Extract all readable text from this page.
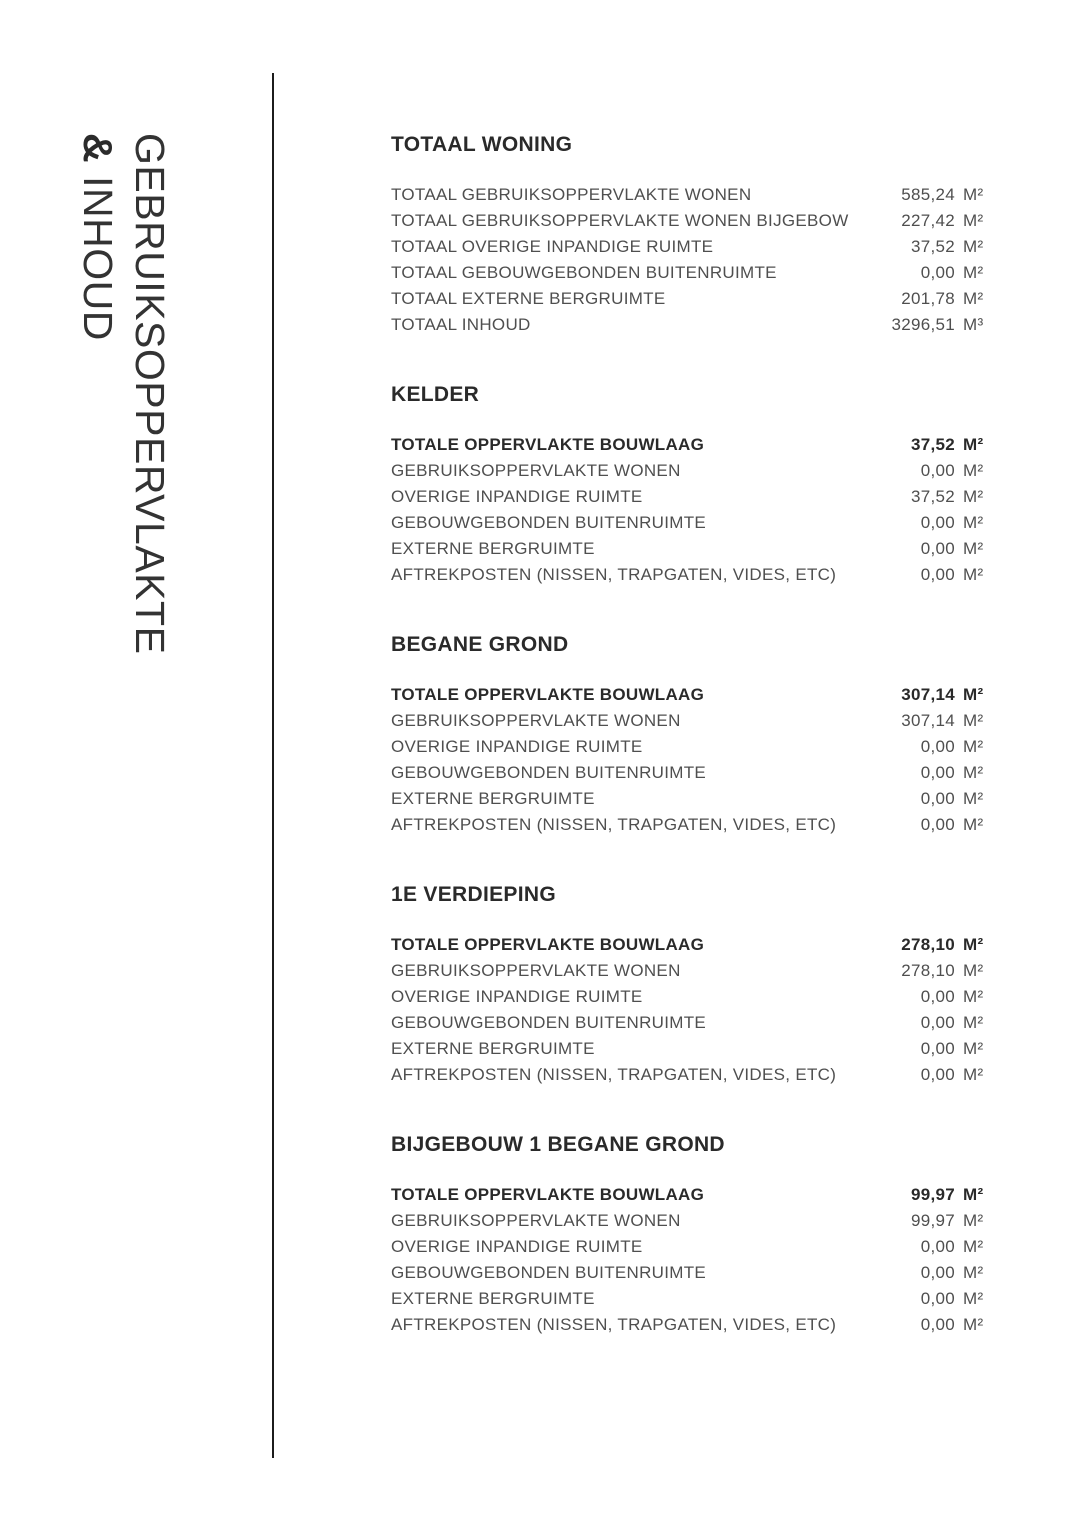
GEBRUIKSOPPERVLAKTE
&INHOUD
TOTAAL WONING
TOTAAL GEBRUIKSOPPERVLAKTE WONEN	585,24 M²
TOTAAL GEBRUIKSOPPERVLAKTE WONEN BIJGEBOW	227,42 M²
TOTAAL OVERIGE INPANDIGE RUIMTE	37,52 M²
TOTAAL GEBOUWGEBONDEN BUITENRUIMTE	0,00 M²
TOTAAL EXTERNE BERGRUIMTE	201,78 M²
TOTAAL INHOUD	3296,51 M³
KELDER
TOTALE OPPERVLAKTE BOUWLAAG	37,52 M²
GEBRUIKSOPPERVLAKTE WONEN	0,00 M²
OVERIGE INPANDIGE RUIMTE	37,52 M²
GEBOUWGEBONDEN BUITENRUIMTE	0,00 M²
EXTERNE BERGRUIMTE	0,00 M²
AFTREKPOSTEN (NISSEN, TRAPGATEN, VIDES, ETC)	0,00 M²
BEGANE GROND
TOTALE OPPERVLAKTE BOUWLAAG	307,14 M²
GEBRUIKSOPPERVLAKTE WONEN	307,14 M²
OVERIGE INPANDIGE RUIMTE	0,00 M²
GEBOUWGEBONDEN BUITENRUIMTE	0,00 M²
EXTERNE BERGRUIMTE	0,00 M²
AFTREKPOSTEN (NISSEN, TRAPGATEN, VIDES, ETC)	0,00 M²
1E VERDIEPING
TOTALE OPPERVLAKTE BOUWLAAG	278,10 M²
GEBRUIKSOPPERVLAKTE WONEN	278,10 M²
OVERIGE INPANDIGE RUIMTE	0,00 M²
GEBOUWGEBONDEN BUITENRUIMTE	0,00 M²
EXTERNE BERGRUIMTE	0,00 M²
AFTREKPOSTEN (NISSEN, TRAPGATEN, VIDES, ETC)	0,00 M²
BIJGEBOUW 1 BEGANE GROND
TOTALE OPPERVLAKTE BOUWLAAG	99,97 M²
GEBRUIKSOPPERVLAKTE WONEN	99,97 M²
OVERIGE INPANDIGE RUIMTE	0,00 M²
GEBOUWGEBONDEN BUITENRUIMTE	0,00 M²
EXTERNE BERGRUIMTE	0,00 M²
AFTREKPOSTEN (NISSEN, TRAPGATEN, VIDES, ETC)	0,00 M²
